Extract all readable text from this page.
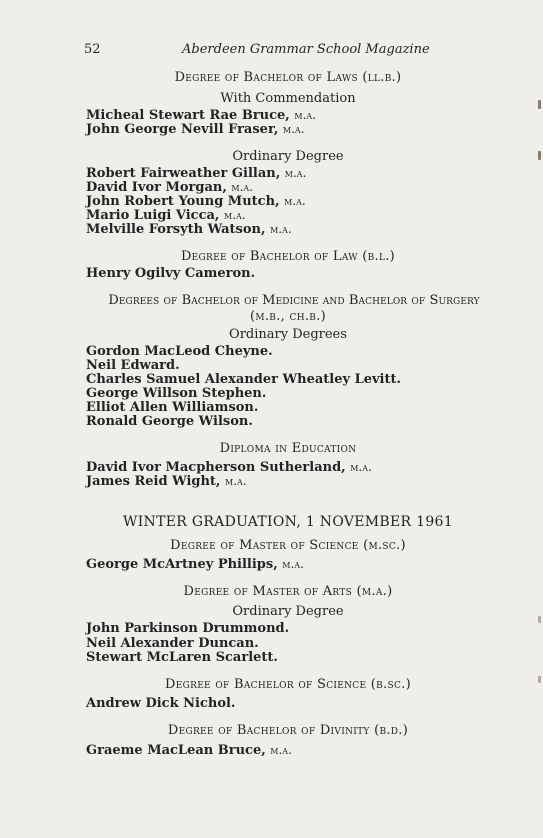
52	Aberdeen Grammar School Magazine
Degree of Bachelor of Laws (ll.b.)
With Commendation
Micheal Stewart Rae Bruce, m.a.
John George Nevill Fraser, m.a.
Ordinary Degree
Robert Fairweather Gillan, m.a.
David Ivor Morgan, m.a.
John Robert Young Mutch, m.a.
Mario Luigi Vicca, m.a.
Melville Forsyth Watson, m.a.
Degree of Bachelor of Law (b.l.)
Henry Ogilvy Cameron.
Degrees of Bachelor of Medicine and Bachelor of Surgery
(m.b., ch.b.)
Ordinary Degrees
Gordon MacLeod Cheyne.
Neil Edward.
Charles Samuel Alexander Wheatley Levitt.
George Willson Stephen.
Elliot Allen Williamson.
Ronald George Wilson.
Diploma in Education
David Ivor Macpherson Sutherland, m.a.
James Reid Wight, m.a.
WINTER GRADUATION, 1 NOVEMBER 1961
Degree of Master of Science (m.sc.)
George McArtney Phillips, m.a.
Degree of Master of Arts (m.a.)
Ordinary Degree
John Parkinson Drummond.
Neil Alexander Duncan.
Stewart McLaren Scarlett.
Degree of Bachelor of Science (b.sc.)
Andrew Dick Nichol.
Degree of Bachelor of Divinity (b.d.)
Graeme MacLean Bruce, m.a.
